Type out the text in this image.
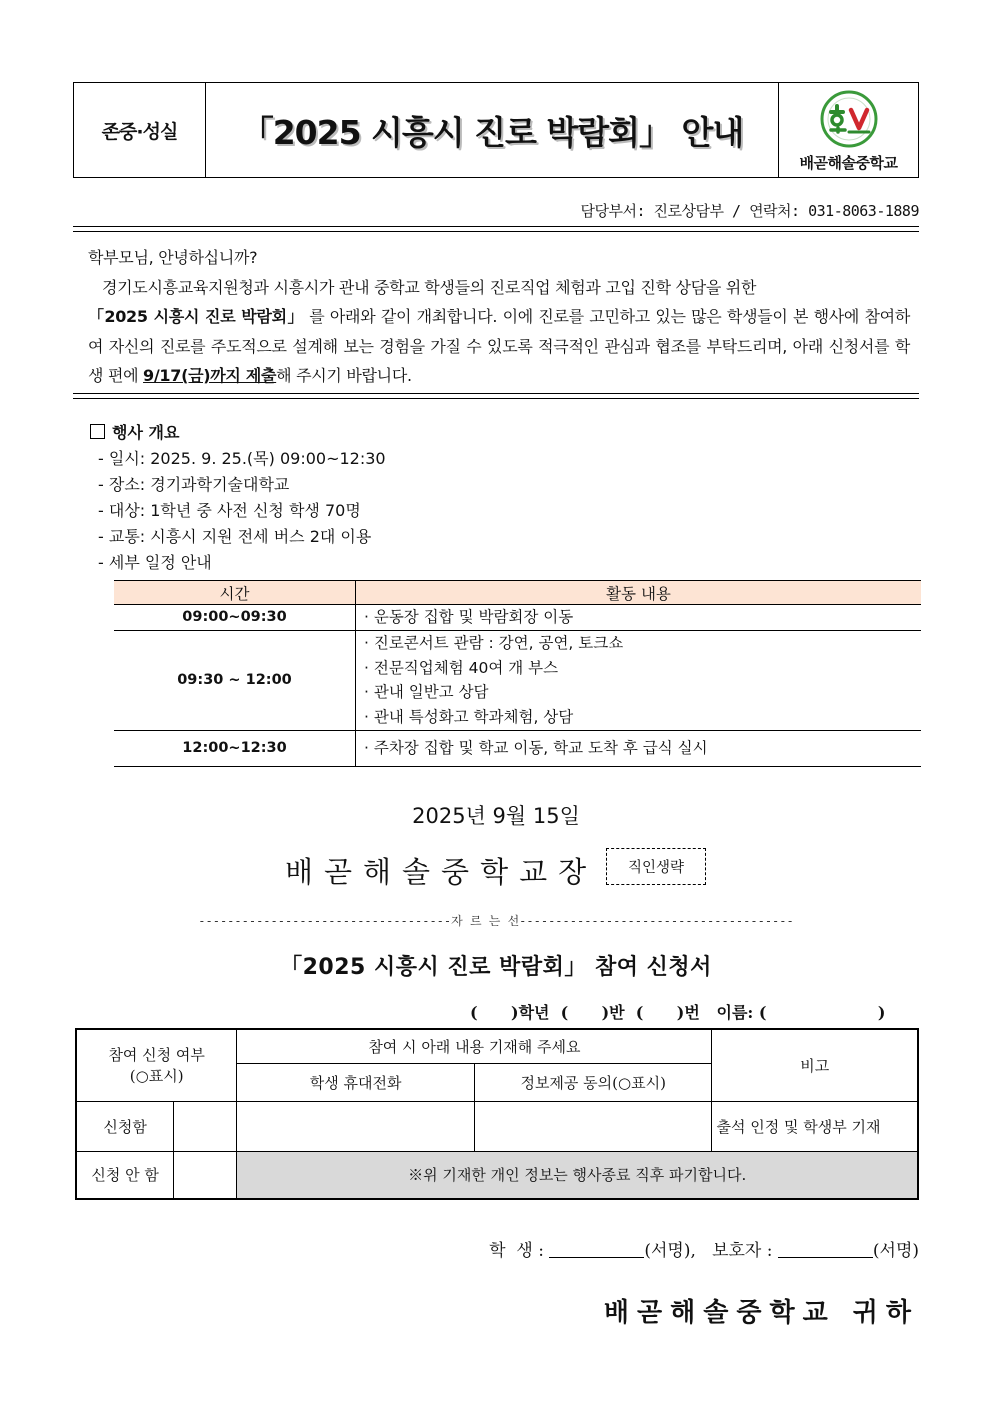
존중·성실	「2025 시흥시 진로 박람회」 안내
배곧해솔중학교
담당부서: 진로상담부 / 연락처: 031-8063-1889

학부모님, 안녕하십니까?

경기도시흥교육지원청과 시흥시가 관내 중학교 학생들의 진로직업 체험과 고입 진학 상담을 위한
「2025 시흥시 진로 박람회」 를 아래와 같이 개최합니다. 이에 진로를 고민하고 있는 많은 학생들이 본 행사에 참여하여 자신의 진로를 주도적으로 설계해 보는 경험을 가질 수 있도록 적극적인 관심과 협조를 부탁드리며, 아래 신청서를 학생 편에 9/17(금)까지 제출해 주시기 바랍니다.

행사 개요
- 일시: 2025. 9. 25.(목) 09:00~12:30
- 장소: 경기과학기술대학교
- 대상: 1학년 중 사전 신청 학생 70명
- 교통: 시흥시 지원 전세 버스 2대 이용
- 세부 일정 안내
시간	활동 내용
09:00~09:30	· 운동장 집합 및 박람회장 이동

09:30 ~ 12:00	· 진로콘서트 관람 : 강연, 공연, 토크쇼
· 전문직업체험 40여 개 부스
· 관내 일반고 상담
· 관내 특성화고 학과체험, 상담

12:00~12:30	· 주차장 집합 및 학교 이동, 학교 도착 후 급식 실시
2025년 9월 15일
배곧해솔중학교장	직인생략
-----------------------------------자 르 는 선--------------------------------------
「2025 시흥시 진로 박람회」 참여 신청서
(      )학년  (      )반  (      )번   이름: (                    )
참여 신청 여부
(○표시)		참여 시 아래 내용 기재해 주세요		비고
		학생 휴대전화	정보제공 동의(○표시)	
신청함				출석 인정 및 학생부 기재
신청 안 함		※위 기재한 개인 정보는 행사종료 직후 파기합니다.		
학  생 :	(서명), 보호자 :	(서명)
배곧해솔중학교 귀하
